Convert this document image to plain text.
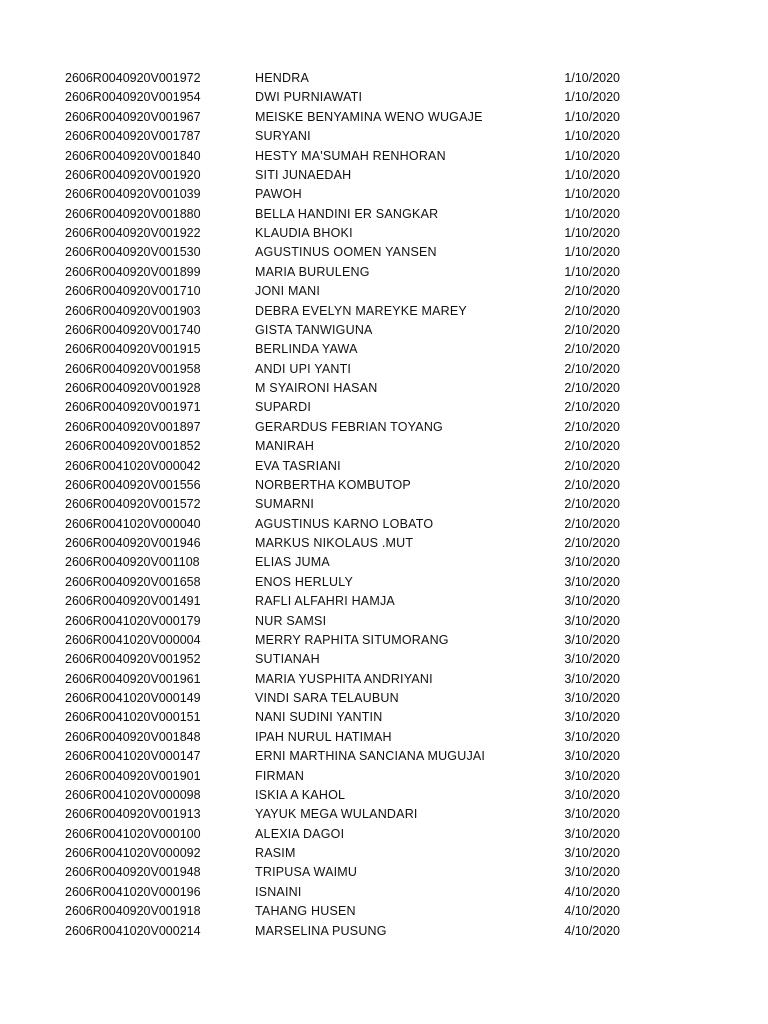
2606R0040920V001972	HENDRA	1/10/2020
2606R0040920V001954	DWI PURNIAWATI	1/10/2020
2606R0040920V001967	MEISKE BENYAMINA WENO WUGAJE	1/10/2020
2606R0040920V001787	SURYANI	1/10/2020
2606R0040920V001840	HESTY MA'SUMAH RENHORAN	1/10/2020
2606R0040920V001920	SITI JUNAEDAH	1/10/2020
2606R0040920V001039	PAWOH	1/10/2020
2606R0040920V001880	BELLA HANDINI ER SANGKAR	1/10/2020
2606R0040920V001922	KLAUDIA BHOKI	1/10/2020
2606R0040920V001530	AGUSTINUS OOMEN YANSEN	1/10/2020
2606R0040920V001899	MARIA BURULENG	1/10/2020
2606R0040920V001710	JONI MANI	2/10/2020
2606R0040920V001903	DEBRA EVELYN MAREYKE MAREY	2/10/2020
2606R0040920V001740	GISTA TANWIGUNA	2/10/2020
2606R0040920V001915	BERLINDA YAWA	2/10/2020
2606R0040920V001958	ANDI UPI YANTI	2/10/2020
2606R0040920V001928	M SYAIRONI HASAN	2/10/2020
2606R0040920V001971	SUPARDI	2/10/2020
2606R0040920V001897	GERARDUS FEBRIAN TOYANG	2/10/2020
2606R0040920V001852	MANIRAH	2/10/2020
2606R0041020V000042	EVA TASRIANI	2/10/2020
2606R0040920V001556	NORBERTHA KOMBUTOP	2/10/2020
2606R0040920V001572	SUMARNI	2/10/2020
2606R0041020V000040	AGUSTINUS KARNO LOBATO	2/10/2020
2606R0040920V001946	MARKUS NIKOLAUS .MUT	2/10/2020
2606R0040920V001108	ELIAS JUMA	3/10/2020
2606R0040920V001658	ENOS HERLULY	3/10/2020
2606R0040920V001491	RAFLI ALFAHRI HAMJA	3/10/2020
2606R0041020V000179	NUR SAMSI	3/10/2020
2606R0041020V000004	MERRY RAPHITA SITUMORANG	3/10/2020
2606R0040920V001952	SUTIANAH	3/10/2020
2606R0040920V001961	MARIA YUSPHITA ANDRIYANI	3/10/2020
2606R0041020V000149	VINDI SARA TELAUBUN	3/10/2020
2606R0041020V000151	NANI SUDINI YANTIN	3/10/2020
2606R0040920V001848	IPAH NURUL HATIMAH	3/10/2020
2606R0041020V000147	ERNI MARTHINA SANCIANA MUGUJAI	3/10/2020
2606R0040920V001901	FIRMAN	3/10/2020
2606R0041020V000098	ISKIA A KAHOL	3/10/2020
2606R0040920V001913	YAYUK MEGA WULANDARI	3/10/2020
2606R0041020V000100	ALEXIA DAGOI	3/10/2020
2606R0041020V000092	RASIM	3/10/2020
2606R0040920V001948	TRIPUSA WAIMU	3/10/2020
2606R0041020V000196	ISNAINI	4/10/2020
2606R0040920V001918	TAHANG HUSEN	4/10/2020
2606R0041020V000214	MARSELINA PUSUNG	4/10/2020
